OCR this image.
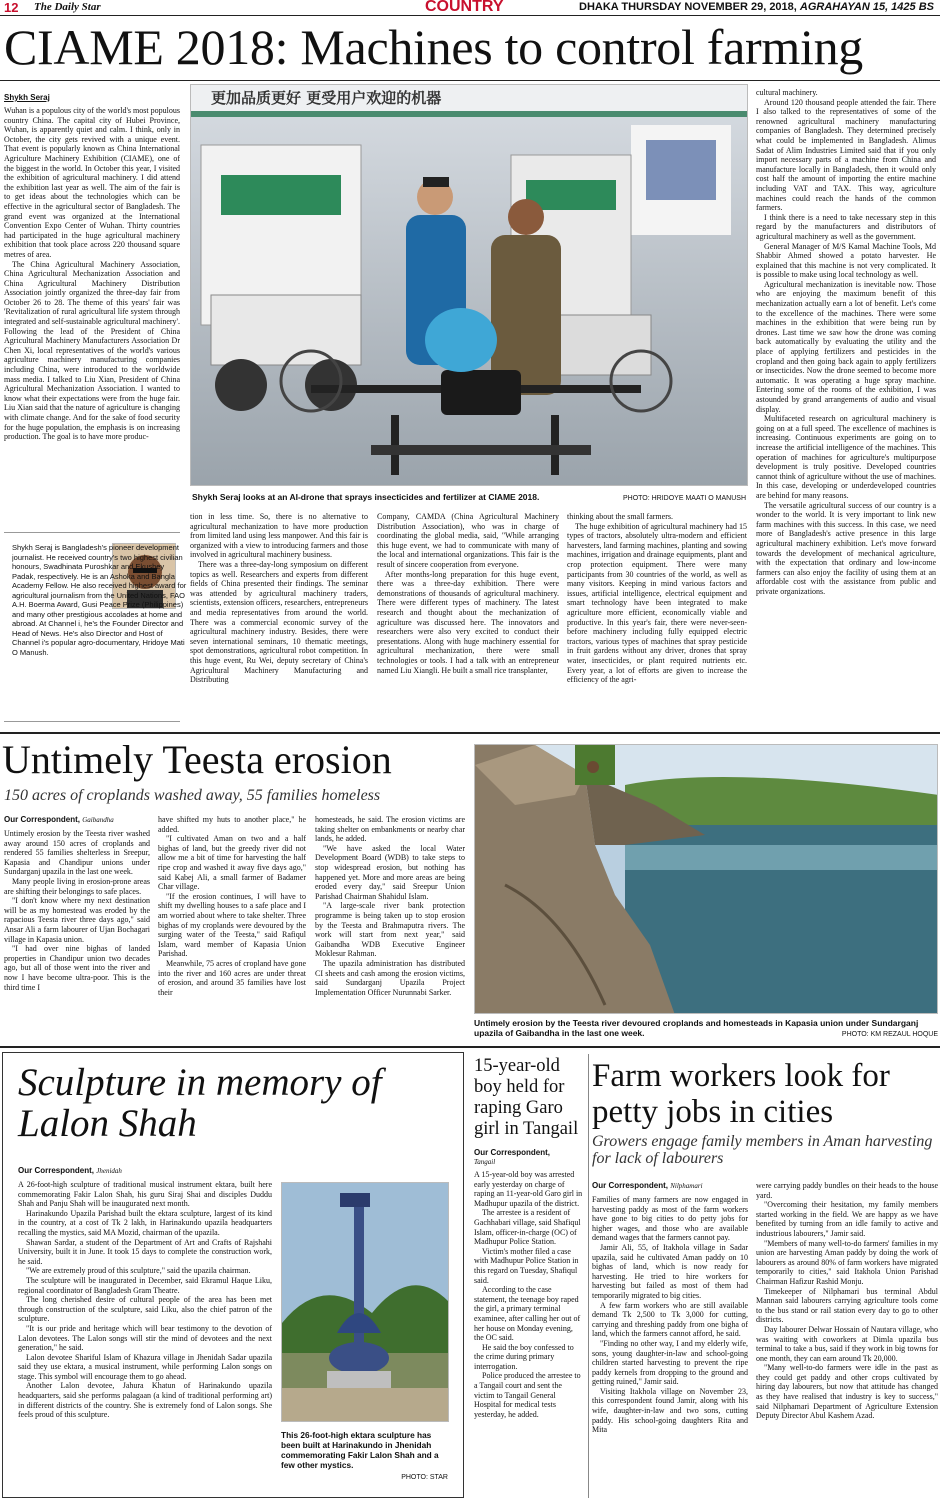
12 The Daily Star	COUNTRY	DHAKA THURSDAY NOVEMBER 29, 2018, AGRAHAYAN 15, 1425 BS
CIAME 2018: Machines to control farming
Shykh Seraj

Wuhan is a populous city of the world's most populous country China. The capital city of Hubei Province, Wuhan, is apparently quiet and calm. I think, only in October, the city gets revived with a unique event. That event is popularly known as China International Agriculture Machinery Exhibition (CIAME), one of the biggest in the world. In October this year, I visited the exhibition of agricultural machinery. I did attend the exhibition last year as well. The aim of the fair is to get ideas about the technologies which can be effective in the agricultural sector of Bangladesh. The grand event was organized at the International Convention Expo Center of Wuhan. Thirty countries had participated in the huge agricultural machinery exhibition that took place across 220 thousand square metres of area.

The China Agricultural Machinery Association, China Agricultural Mechanization Association and China Agricultural Machinery Distribution Association jointly organized the three-day fair from October 26 to 28. The theme of this years' fair was 'Revitalization of rural agricultural life system through integrated and self-sustainable agricultural machinery'. Following the lead of the President of China Agricultural Machinery Manufacturers Association Dr Chen Xi, local representatives of the world's various agriculture machinery manufacturing companies including China, were introduced to the worldwide mass media. I talked to Liu Xian, President of China Agricultural Mechanization Association. I wanted to know what their expectations were from the huge fair. Liu Xian said that the nature of agriculture is changing with climate change. And for the sake of food security for the huge population, the emphasis is on increasing production. The goal is to have more produc-

更加品质更好 更受用户欢迎的机器
Shykh Seraj looks at an AI-drone that sprays insecticides and fertilizer at CIAME 2018.	PHOTO: HRIDOYE MAATI O MANUSH
Shykh Seraj is Bangladesh's pioneer development journalist. He received country's two highest civilian honours, Swadhinata Puroshkar and Ekushey Padak, respectively. He is an Ashoka and Bangla Academy Fellow. He also received highest award for agricultural journalism from the United Nations, FAO A.H. Boerma Award, Gusi Peace Prize (Philippines) and many other prestigious accolades at home and abroad. At Channel i, he's the Founder Director and Head of News. He's also Director and Host of Channel i's popular agro-documentary, Hridoye Mati O Manush.

tion in less time. So, there is no alternative to agricultural mechanization to have more production from limited land using less manpower. And this fair is organized with a view to introducing farmers and those involved in agricultural machinery business.

There was a three-day-long symposium on different topics as well. Researchers and experts from different fields of China presented their findings. The seminar was attended by agricultural machinery traders, scientists, extension officers, researchers, entrepreneurs and media representatives from around the world. There was a commercial economic survey of the agricultural machinery industry. Besides, there were seven international seminars, 10 thematic meetings, spot demonstrations, agricultural robot competition. In this huge event, Ru Wei, deputy secretary of China's Agricultural Machinery Manufacturing and Distributing

Company, CAMDA (China Agricultural Machinery Distribution Association), who was in charge of coordinating the global media, said, "While arranging this huge event, we had to communicate with many of the local and international organizations. This fair is the result of sincere cooperation from everyone.

After months-long preparation for this huge event, there was a three-day exhibition. There were demonstrations of thousands of agricultural machinery. There were different types of machinery. The latest research and thought about the mechanization of agriculture was discussed here. The innovators and researchers were also very excited to conduct their presentations. Along with huge machinery essential for agricultural mechanization, there were small technologies or tools. I had a talk with an entrepreneur named Liu Xiangli. He built a small rice transplanter,

thinking about the small farmers.

The huge exhibition of agricultural machinery had 15 types of tractors, absolutely ultra-modern and efficient harvesters, land farming machines, planting and sowing machines, irrigation and drainage equipments, plant and crop protection equipment. There were many participants from 30 countries of the world, as well as many visitors. Keeping in mind various factors and issues, artificial intelligence, electrical equipment and smart technology have been integrated to make agriculture more efficient, economically viable and productive. In this year's fair, there were never-seen-before machinery including fully equipped electric tractors, various types of machines that spray pesticide in fruit gardens without any driver, drones that spray water, insecticides, or plant required nutrients etc. Every year, a lot of efforts are given to increase the efficiency of the agri-

cultural machinery.

Around 120 thousand people attended the fair. There I also talked to the representatives of some of the renowned agricultural machinery manufacturing companies of Bangladesh. They determined precisely what could be implemented in Bangladesh. Alimus Sadat of Alim Industries Limited said that if you only import necessary parts of a machine from China and manufacture locally in Bangladesh, then it would only cost half the amount of importing the entire machine including VAT and TAX. This way, agriculture machines could reach the hands of the common farmers.

I think there is a need to take necessary step in this regard by the manufacturers and distributors of agricultural machinery as well as the government.

General Manager of M/S Kamal Machine Tools, Md Shabbir Ahmed showed a potato harvester. He explained that this machine is not very complicated. It is possible to make using local technology as well.

Agricultural mechanization is inevitable now. Those who are enjoying the maximum benefit of this mechanization actually earn a lot of benefit. Let's come to the excellence of the machines. There were some machines in the exhibition that were being run by drones. Last time we saw how the drone was coming back automatically by evaluating the utility and the place of applying fertilizers and pesticides in the cropland and then going back again to apply fertilizers or insecticides. Now the drone seemed to become more automatic. It was operating a huge spray machine. Entering some of the rooms of the exhibition, I was astounded by grand arrangements of audio and visual display.

Multifaceted research on agricultural machinery is going on at a full speed. The excellence of machines is increasing. Continuous experiments are going on to increase the artificial intelligence of the machines. This operation of machines for agriculture's multipurpose development is truly positive. Developed countries cannot think of agriculture without the use of machines. In this case, developing or underdeveloped countries are behind for many reasons.

The versatile agricultural success of our country is a wonder to the world. It is very important to link new farm machines with this success. In this case, we need more of Bangladesh's active presence in this large agricultural machinery exhibition. Let's move forward towards the development of mechanical agriculture, with the expectation that ordinary and low-income farmers can also enjoy the facility of using them at an affordable cost with the assistance from public and private organizations.

Untimely Teesta erosion
150 acres of croplands washed away, 55 families homeless
Our Correspondent, Gaibandha

Untimely erosion by the Teesta river washed away around 150 acres of croplands and rendered 55 families shelterless in Sreepur, Kapasia and Chandipur unions under Sundarganj upazila in the last one week.

Many people living in erosion-prone areas are shifting their belongings to safe places.

"I don't know where my next destination will be as my homestead was eroded by the rapacious Teesta river three days ago," said Ansar Ali a farm labourer of Ujan Bochagari village in Kapasia union.

"I had over nine bighas of landed properties in Chandipur union two decades ago, but all of those went into the river and now I have become ultra-poor. This is the third time I

have shifted my huts to another place," he added.

"I cultivated Aman on two and a half bighas of land, but the greedy river did not allow me a bit of time for harvesting the half ripe crop and washed it away five days ago," said Kabej Ali, a small farmer of Badamer Char village.

"If the erosion continues, I will have to shift my dwelling houses to a safe place and I am worried about where to take shelter. Three bighas of my croplands were devoured by the surging water of the Teesta," said Rafiqul Islam, ward member of Kapasia Union Parishad.

Meanwhile, 75 acres of cropland have gone into the river and 160 acres are under threat of erosion, and around 35 families have lost their

homesteads, he said. The erosion victims are taking shelter on embankments or nearby char lands, he added.

"We have asked the local Water Development Board (WDB) to take steps to stop widespread erosion, but nothing has happened yet. More and more areas are being eroded every day," said Sreepur Union Parishad Chairman Shahidul Islam.

"A large-scale river bank protection programme is being taken up to stop erosion by the Teesta and Brahmaputra rivers. The work will start from next year," said Gaibandha WDB Executive Engineer Moklesur Rahman.

The upazila administration has distributed CI sheets and cash among the erosion victims, said Sundarganj Upazila Project Implementation Officer Nurunnabi Sarker.

Untimely erosion by the Teesta river devoured croplands and homesteads in Kapasia union under Sundarganj upazila of Gaibandha in the last one week.	PHOTO: KM REZAUL HOQUE
Sculpture in memory of Lalon Shah
Our Correspondent, Jhenidah

A 26-foot-high sculpture of traditional musical instrument ektara, built here commemorating Fakir Lalon Shah, his guru Siraj Shai and disciples Duddu Shah and Panju Shah will be inaugurated next month.

Harinakundo Upazila Parishad built the ektara sculpture, largest of its kind in the country, at a cost of Tk 2 lakh, in Harinakundo upazila headquarters recalling the mystics, said MA Mozid, chairman of the upazila.

Shawan Sardar, a student of the Department of Art and Crafts of Rajshahi University, built it in June. It took 15 days to complete the construction work, he said.

"We are extremely proud of this sculpture," said the upazila chairman.

The sculpture will be inaugurated in December, said Ekramul Haque Liku, regional coordinator of Bangladesh Gram Theatre.

The long cherished desire of cultural people of the area has been met through construction of the sculpture, said Liku, also the chief patron of the sculpture.

"It is our pride and heritage which will bear testimony to the devotion of Lalon devotees. The Lalon songs will stir the mind of devotees and the next generation," he said.

Lalon devotee Shariful Islam of Khazura village in Jhenidah Sadar upazila said they use ektara, a musical instrument, while performing Lalon songs on stage. This symbol will encourage them to go ahead.

Another Lalon devotee, Jahura Khatun of Harinakundo upazila headquarters, said she performs palagaan (a kind of traditional performing art) in different districts of the country. She is extremely fond of Lalon songs. She feels proud of this sculpture.

This 26-foot-high ektara sculpture has been built at Harinakundo in Jhenidah commemorating Fakir Lalon Shah and a few other mystics.
PHOTO: STAR
15-year-old boy held for raping Garo girl in Tangail
Our Correspondent,
Tangail

A 15-year-old boy was arrested early yesterday on charge of raping an 11-year-old Garo girl in Madhupur upazila of the district.

The arrestee is a resident of Gachhabari village, said Shafiqul Islam, officer-in-charge (OC) of Madhupur Police Station.

Victim's mother filed a case with Madhupur Police Station in this regard on Tuesday, Shafiqul said.

According to the case statement, the teenage boy raped the girl, a primary terminal examinee, after calling her out of her house on Monday evening, the OC said.

He said the boy confessed to the crime during primary interrogation.

Police produced the arrestee to a Tangail court and sent the victim to Tangail General Hospital for medical tests yesterday, he added.

Farm workers look for petty jobs in cities
Growers engage family members in Aman harvesting for lack of labourers
Our Correspondent, Nilphamari

Families of many farmers are now engaged in harvesting paddy as most of the farm workers have gone to big cities to do petty jobs for higher wages, and those who are available demand wages that the farmers cannot pay.

Jamir Ali, 55, of Itakhola village in Sadar upazila, said he cultivated Aman paddy on 10 bighas of land, which is now ready for harvesting. He tried to hire workers for harvesting but failed as most of them had temporarily migrated to big cities.

A few farm workers who are still available demand Tk 2,500 to Tk 3,000 for cutting, carrying and threshing paddy from one bigha of land, which the farmers cannot afford, he said.

"Finding no other way, I and my elderly wife, sons, young daughter-in-law and school-going children started harvesting to prevent the ripe paddy kernels from dropping to the ground and getting ruined," Jamir said.

Visiting Itakhola village on November 23, this correspondent found Jamir, along with his wife, daughter-in-law and two sons, cutting paddy. His school-going daughters Rita and Mita

were carrying paddy bundles on their heads to the house yard.

"Overcoming their hesitation, my family members started working in the field. We are happy as we have benefited by turning from an idle family to active and industrious labourers," Jamir said.

"Members of many well-to-do farmers' families in my union are harvesting Aman paddy by doing the work of labourers as around 80% of farm workers have migrated temporarily to cities," said Itakhola Union Parishad Chairman Hafizur Rashid Monju.

Timekeeper of Nilphamari bus terminal Abdul Mannan said labourers carrying agriculture tools come to the bus stand or rail station every day to go to other districts.

Day labourer Delwar Hossain of Nautara village, who was waiting with coworkers at Dimla upazila bus terminal to take a bus, said if they work in big towns for one month, they can earn around Tk 20,000.

"Many well-to-do farmers were idle in the past as they could get paddy and other crops cultivated by hiring day labourers, but now that attitude has changed as they have realised that industry is key to success," said Nilphamari Department of Agriculture Extension Deputy Director Abul Kashem Azad.
